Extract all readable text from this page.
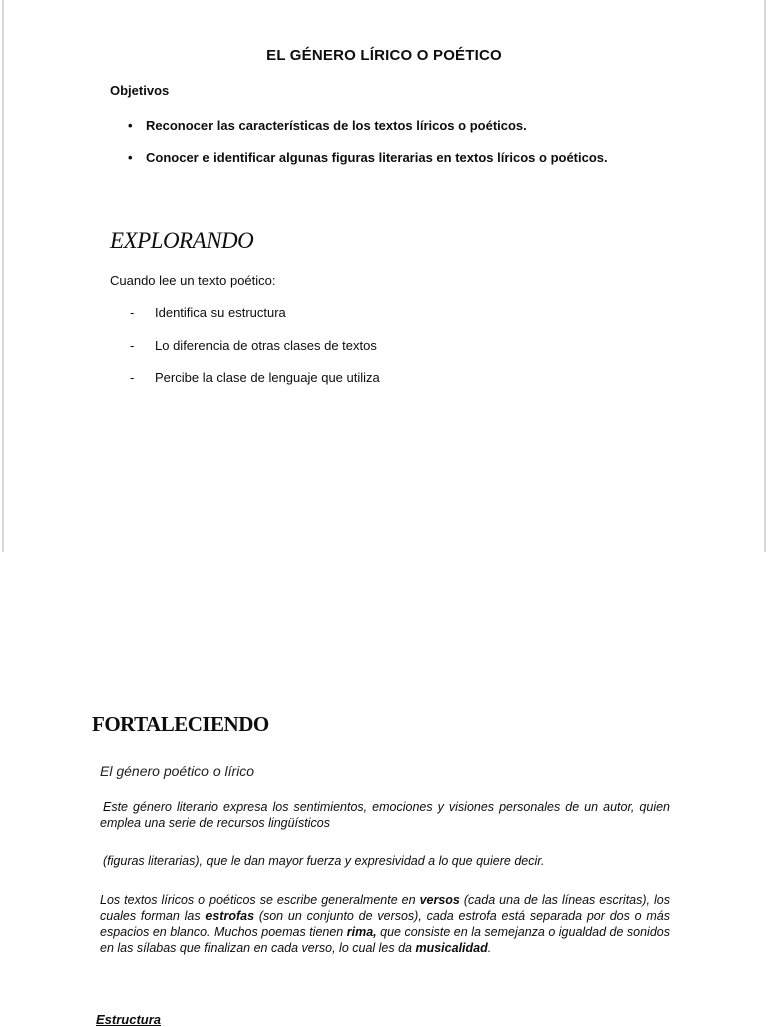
EL GÉNERO LÍRICO O POÉTICO
Objetivos
• Reconocer las características de los textos líricos o poéticos.
• Conocer e identificar algunas figuras literarias en textos líricos o poéticos.
EXPLORANDO
Cuando lee un texto poético:
- Identifica su estructura
- Lo diferencia de otras clases de textos
- Percibe la clase de lenguaje que utiliza
FORTALECIENDO
El género poético o lírico
Este género literario expresa los sentimientos, emociones y visiones personales de un autor, quien emplea una serie de recursos lingüísticos
(figuras literarias), que le dan mayor fuerza y expresividad a lo que quiere decir.
Los textos líricos o poéticos se escribe generalmente en versos (cada una de las líneas escritas), los cuales forman las estrofas (son un conjunto de versos), cada estrofa está separada por dos o más espacios en blanco. Muchos poemas tienen rima, que consiste en la semejanza o igualdad de sonidos en las sílabas que finalizan en cada verso, lo cual les da musicalidad.
Estructura
